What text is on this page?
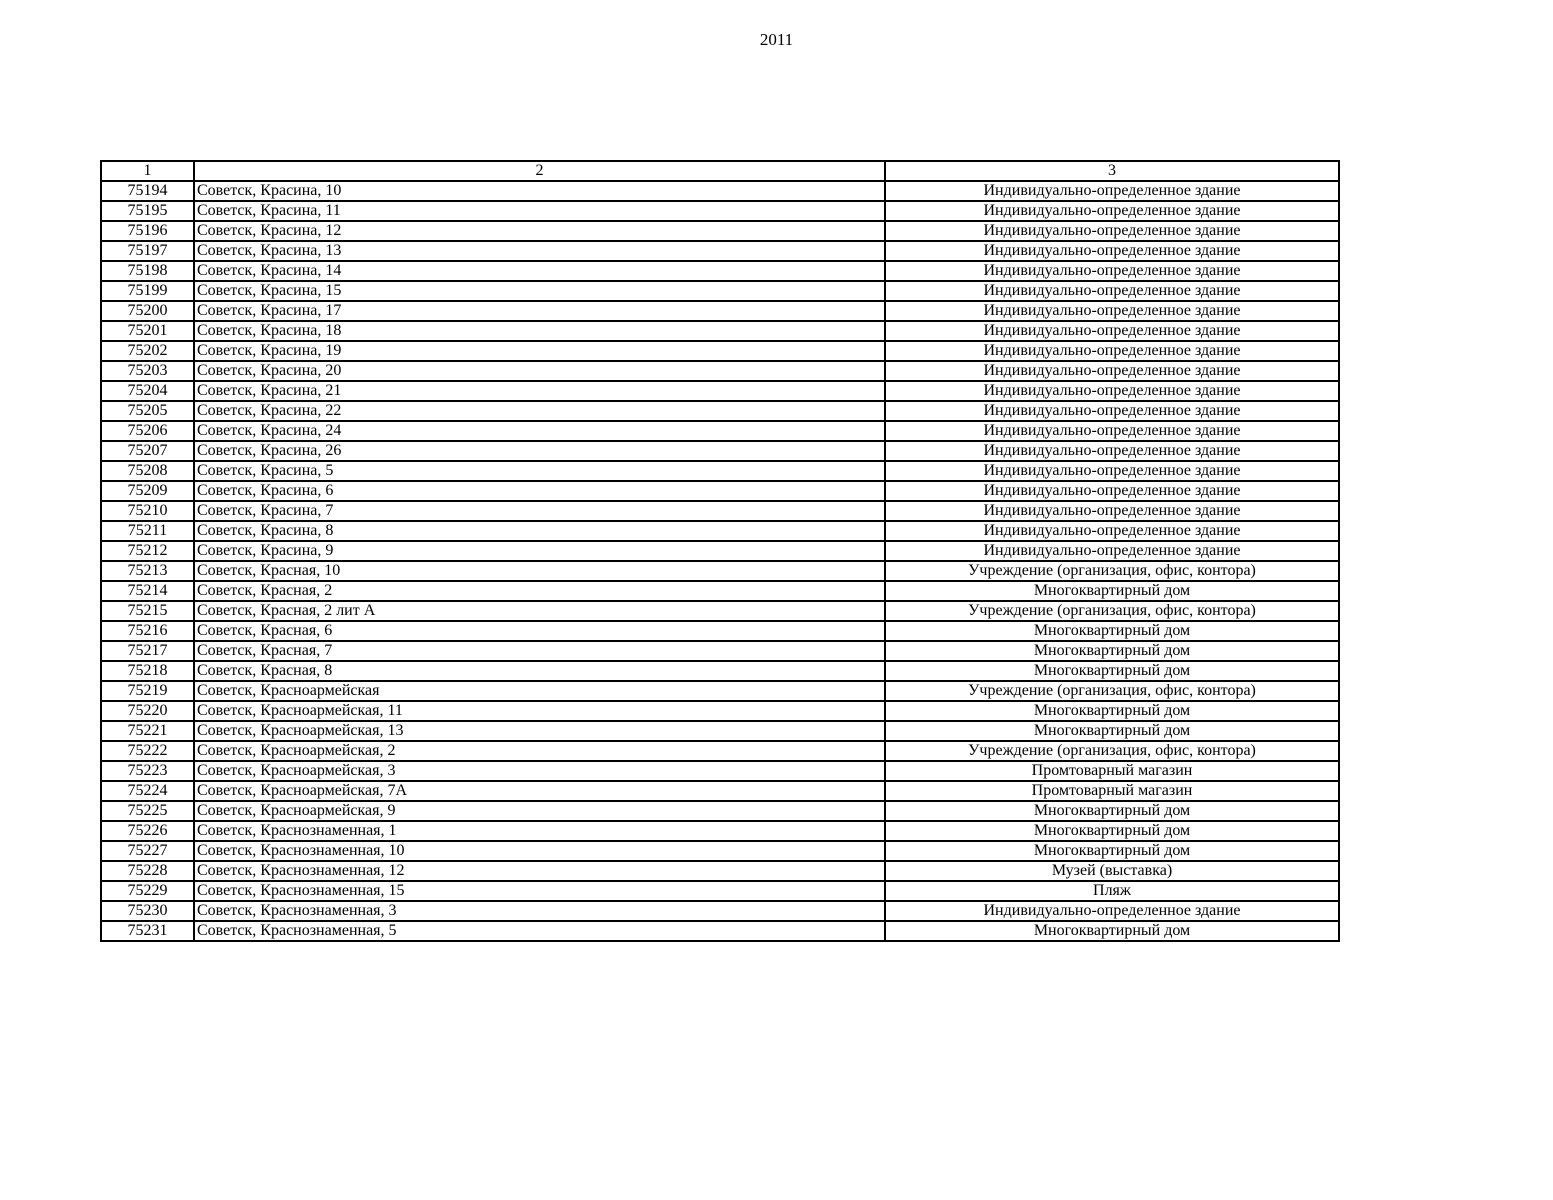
2011
1	2	3
75194	Советск, Красина, 10	Индивидуально-определенное здание
75195	Советск, Красина, 11	Индивидуально-определенное здание
75196	Советск, Красина, 12	Индивидуально-определенное здание
75197	Советск, Красина, 13	Индивидуально-определенное здание
75198	Советск, Красина, 14	Индивидуально-определенное здание
75199	Советск, Красина, 15	Индивидуально-определенное здание
75200	Советск, Красина, 17	Индивидуально-определенное здание
75201	Советск, Красина, 18	Индивидуально-определенное здание
75202	Советск, Красина, 19	Индивидуально-определенное здание
75203	Советск, Красина, 20	Индивидуально-определенное здание
75204	Советск, Красина, 21	Индивидуально-определенное здание
75205	Советск, Красина, 22	Индивидуально-определенное здание
75206	Советск, Красина, 24	Индивидуально-определенное здание
75207	Советск, Красина, 26	Индивидуально-определенное здание
75208	Советск, Красина, 5	Индивидуально-определенное здание
75209	Советск, Красина, 6	Индивидуально-определенное здание
75210	Советск, Красина, 7	Индивидуально-определенное здание
75211	Советск, Красина, 8	Индивидуально-определенное здание
75212	Советск, Красина, 9	Индивидуально-определенное здание
75213	Советск, Красная, 10	Учреждение (организация, офис, контора)
75214	Советск, Красная, 2	Многоквартирный дом
75215	Советск, Красная, 2 лит А	Учреждение (организация, офис, контора)
75216	Советск, Красная, 6	Многоквартирный дом
75217	Советск, Красная, 7	Многоквартирный дом
75218	Советск, Красная, 8	Многоквартирный дом
75219	Советск, Красноармейская	Учреждение (организация, офис, контора)
75220	Советск, Красноармейская, 11	Многоквартирный дом
75221	Советск, Красноармейская, 13	Многоквартирный дом
75222	Советск, Красноармейская, 2	Учреждение (организация, офис, контора)
75223	Советск, Красноармейская, 3	Промтоварный магазин
75224	Советск, Красноармейская, 7А	Промтоварный магазин
75225	Советск, Красноармейская, 9	Многоквартирный дом
75226	Советск, Краснознаменная, 1	Многоквартирный дом
75227	Советск, Краснознаменная, 10	Многоквартирный дом
75228	Советск, Краснознаменная, 12	Музей (выставка)
75229	Советск, Краснознаменная, 15	Пляж
75230	Советск, Краснознаменная, 3	Индивидуально-определенное здание
75231	Советск, Краснознаменная, 5	Многоквартирный дом
